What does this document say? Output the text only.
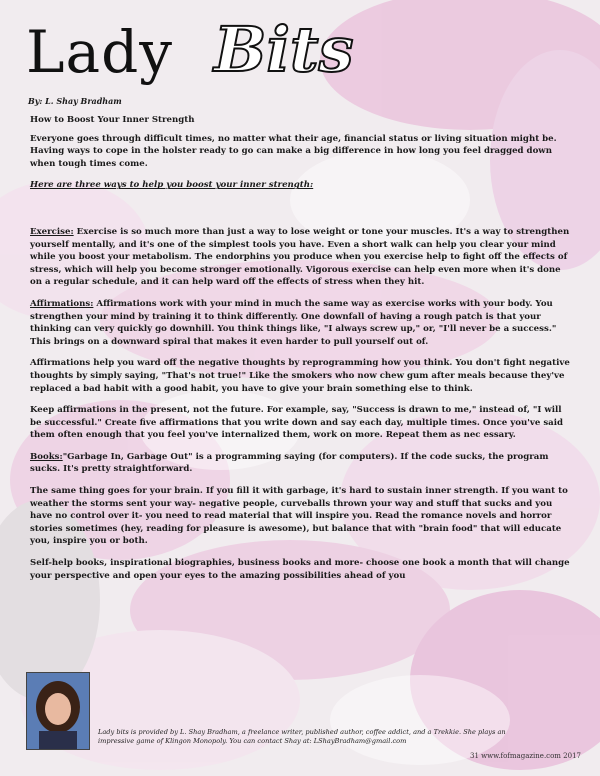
Lady Bits

By: L. Shay Bradham

How to Boost Your Inner Strength

Everyone goes through difficult times, no matter what their age, financial status or living situation might be. Having ways to cope in the holster ready to go can make a big difference in how long you feel dragged down when tough times come.

Here are three ways to help you boost your inner strength:

Exercise: Exercise is so much more than just a way to lose weight or tone your muscles. It's a way to strengthen yourself mentally, and it's one of the simplest tools you have. Even a short walk can help you clear your mind while you boost your metabolism. The endorphins you produce when you exercise help to fight off the effects of stress, which will help you become stronger emotionally. Vigorous exercise can help even more when it's done on a regular schedule, and it can help ward off the effects of stress when they hit.

Affirmations: Affirmations work with your mind in much the same way as exercise works with your body. You strengthen your mind by training it to think differently. One downfall of having a rough patch is that your thinking can very quickly go downhill. You think things like, "I always screw up," or, "I'll never be a success." This brings on a downward spiral that makes it even harder to pull yourself out of.

Affirmations help you ward off the negative thoughts by reprogramming how you think. You don't fight negative thoughts by simply saying, "That's not true!" Like the smokers who now chew gum after meals because they've replaced a bad habit with a good habit, you have to give your brain something else to think.

Keep affirmations in the present, not the future. For example, say, "Success is drawn to me," instead of, "I will be successful." Create five affirmations that you write down and say each day, multiple times. Once you've said them often enough that you feel you've internalized them, work on more. Repeat them as nec essary.

Books:"Garbage In, Garbage Out" is a programming saying (for computers). If the code sucks, the program sucks. It's pretty straightforward.

The same thing goes for your brain. If you fill it with garbage, it's hard to sustain inner strength. If you want to weather the storms sent your way- negative people, curveballs thrown your way and stuff that sucks and you have no control over it- you need to read material that will inspire you. Read the romance novels and horror stories sometimes (hey, reading for pleasure is awesome), but balance that with "brain food" that will educate you, inspire you or both.

Self-help books, inspirational biographies, business books and more- choose one book a month that will change your perspective and open your eyes to the amazing possibilities ahead of you

Lady bits is provided by L. Shay Bradham, a freelance writer, published author, coffee addict, and a Trekkie. She plays an impressive game of Klingon Monopoly. You can contact Shay at: LShayBradham@gmail.com

31 www.fofmagazine.com 2017
